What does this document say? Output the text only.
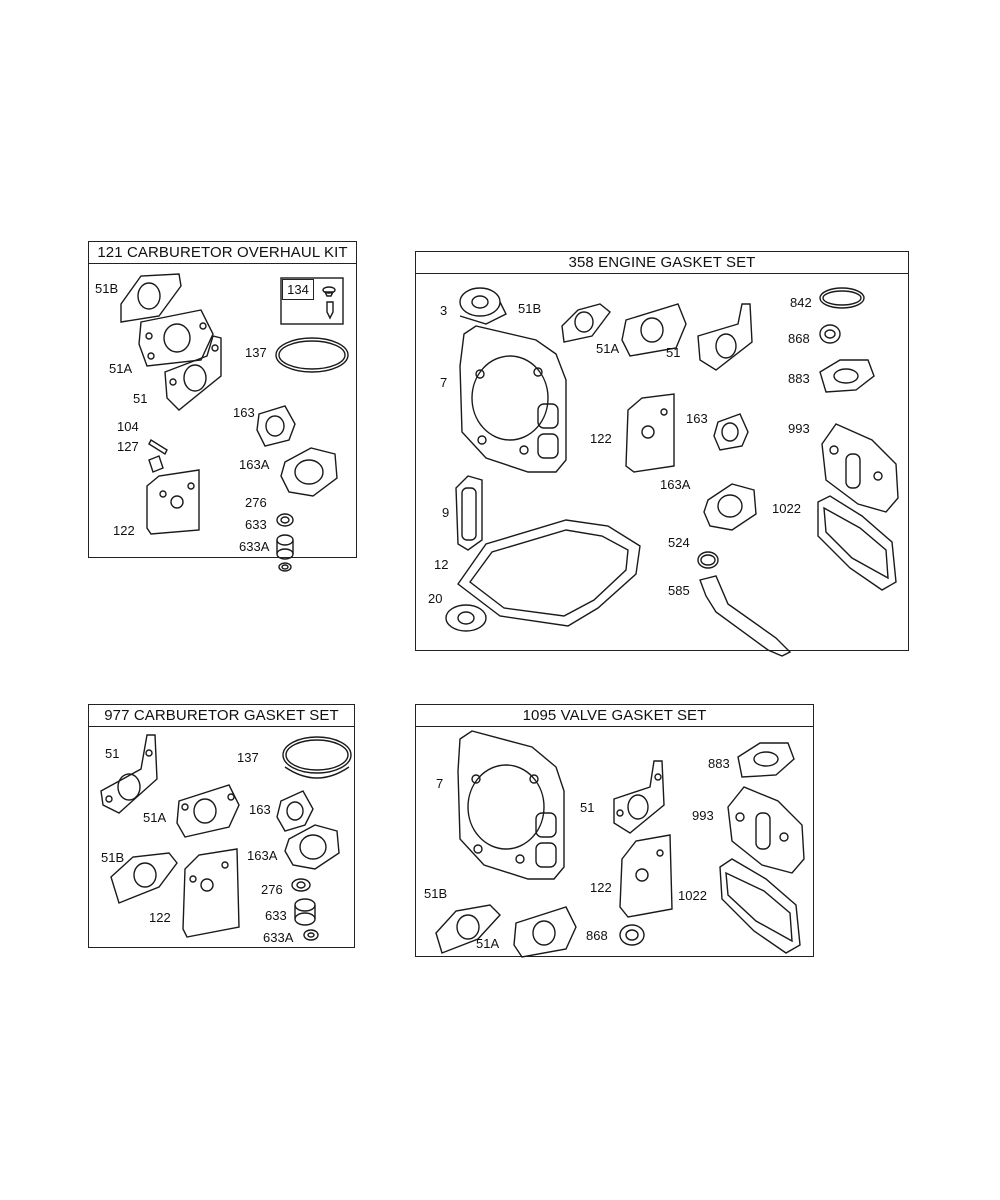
121 CARBURETOR OVERHAUL KIT
51B
51A
51
104
127
122
134
137
163
163A
276
633
633A
358 ENGINE GASKET SET
3	51B
51A	51
842
868
883
7
122
163
993
163A
9	1022
524
12
585
20
977 CARBURETOR GASKET SET
51	137
51A
163
163A
51B
276
122	633
633A
1095 VALVE GASKET SET
7
883
51
993
122
1022
51B
51A
868
